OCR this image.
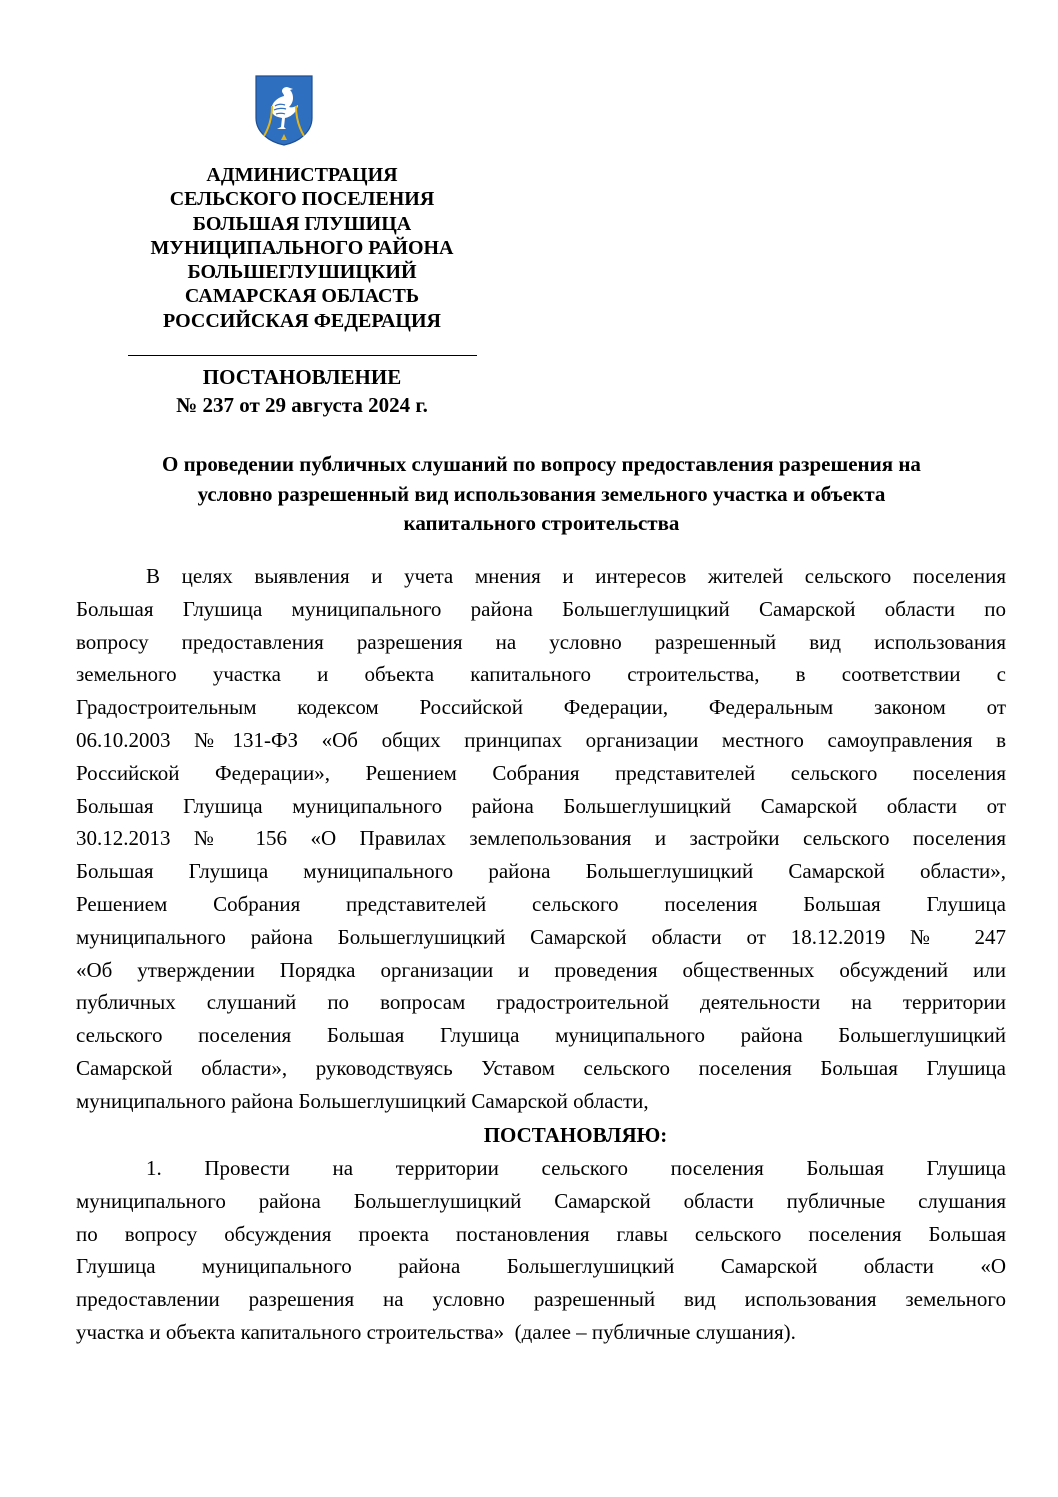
АДМИНИСТРАЦИЯ
СЕЛЬСКОГО ПОСЕЛЕНИЯ
БОЛЬШАЯ ГЛУШИЦА
МУНИЦИПАЛЬНОГО РАЙОНА
БОЛЬШЕГЛУШИЦКИЙ
САМАРСКАЯ ОБЛАСТЬ
РОССИЙСКАЯ ФЕДЕРАЦИЯ
ПОСТАНОВЛЕНИЕ
№ 237 от 29 августа 2024 г.
О проведении публичных слушаний по вопросу предоставления разрешения на
условно разрешенный вид использования земельного участка и объекта
капитального строительства
В целях выявления и учета мнения и интересов жителей сельского поселения
Большая Глушица муниципального района Большеглушицкий Самарской области по
вопросу предоставления разрешения на условно разрешенный вид использования
земельного участка и объекта капитального строительства, в соответствии с
Градостроительным кодексом Российской Федерации, Федеральным законом от
06.10.2003 №131-ФЗ «Об общих принципах организации местного самоуправления в
Российской Федерации», Решением Собрания представителей сельского поселения
Большая Глушица муниципального района Большеглушицкий Самарской области от
30.12.2013 № 156 «О Правилах землепользования и застройки сельского поселения
Большая Глушица муниципального района Большеглушицкий Самарской области»,
Решением Собрания представителей сельского поселения Большая Глушица
муниципального района Большеглушицкий Самарской области от 18.12.2019 № 247
«Об утверждении Порядка организации и проведения общественных обсуждений или
публичных слушаний по вопросам градостроительной деятельности на территории
сельского поселения Большая Глушица муниципального района Большеглушицкий
Самарской области», руководствуясь Уставом сельского поселения Большая Глушица
муниципального района Большеглушицкий Самарской области,
ПОСТАНОВЛЯЮ:
1. Провести на территории сельского поселения Большая Глушица
муниципального района Большеглушицкий Самарской области публичные слушания
по вопросу обсуждения проекта постановления главы сельского поселения Большая
Глушица муниципального района Большеглушицкий Самарской области «О
предоставлении разрешения на условно разрешенный вид использования земельного
участка и объекта капитального строительства»  (далее – публичные слушания).
